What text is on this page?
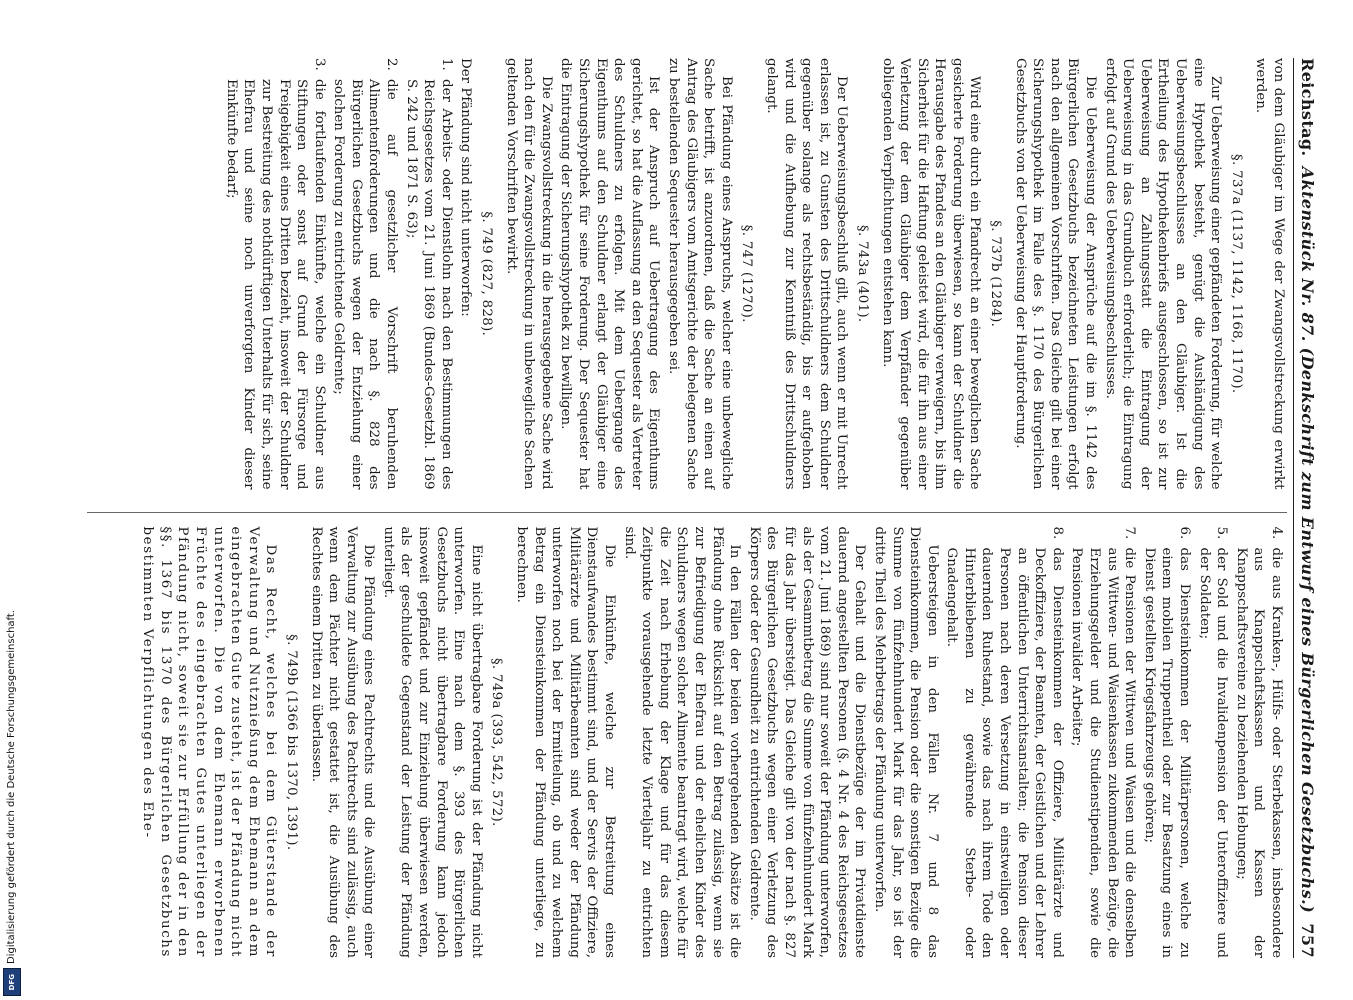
Digitalisierung gefördert durch die Deutsche Forschungsgemeinschaft.
DFG
Reichstag.
Aktenstück Nr. 87. (Denkschrift zum Entwurf eines Bürgerlichen Gesetzbuchs.)
757

von dem Gläubiger im Wege der Zwangsvollstreckung erwirkt werden.

§. 737a (1137, 1142, 1168, 1170).

Zur Ueberweisung einer gepfändeten Forderung, für welche eine Hypothek besteht, genügt die Aushändigung des Ueberweisungsbeschlusses an den Gläubiger. Ist die Ertheilung des Hypothekenbriefs ausgeschlossen, so ist zur Ueberweisung an Zahlungsstatt die Eintragung der Ueberweisung in das Grundbuch erforderlich; die Eintragung erfolgt auf Grund des Ueberweisungsbeschlusses.

Die Ueberweisung der Ansprüche auf die im §. 1142 des Bürgerlichen Gesetzbuchs bezeichneten Leistungen erfolgt nach den allgemeinen Vorschriften. Das Gleiche gilt bei einer Sicherungshypothek im Falle des §. 1170 des Bürgerlichen Gesetzbuchs von der Ueberweisung der Hauptforderung.

§. 737b (1284).

Wird eine durch ein Pfandrecht an einer beweglichen Sache gesicherte Forderung überwiesen, so kann der Schuldner die Herausgabe des Pfandes an den Gläubiger verweigern, bis ihm Sicherheit für die Haftung geleistet wird, die für ihn aus einer Verletzung der dem Gläubiger dem Verpfänder gegenüber obliegenden Verpflichtungen entstehen kann.

§. 743a (401).

Der Ueberweisungsbeschluß gilt, auch wenn er mit Unrecht erlassen ist, zu Gunsten des Drittschuldners dem Schuldner gegenüber solange als rechtsbeständig, bis er aufgehoben wird und die Aufhebung zur Kenntniß des Drittschuldners gelangt.

§. 747 (1270).

Bei Pfändung eines Anspruchs, welcher eine unbewegliche Sache betrifft, ist anzuordnen, daß die Sache an einen auf Antrag des Gläubigers vom Amtsgerichte der belegenen Sache zu bestellenden Sequester herausgegeben sei.

Ist der Anspruch auf Uebertragung des Eigenthums gerichtet, so hat die Auflassung an den Sequester als Vertreter des Schuldners zu erfolgen. Mit dem Uebergange des Eigenthums auf den Schuldner erlangt der Gläubiger eine Sicherungshypothek für seine Forderung. Der Sequester hat die Eintragung der Sicherungshypothek zu bewilligen.

Die Zwangsvollstreckung in die herausgegebene Sache wird nach den für die Zwangsvollstreckung in unbewegliche Sachen geltenden Vorschriften bewirkt.

§. 749 (827, 828).

Der Pfändung sind nicht unterworfen:

1.
der Arbeits- oder Dienstlohn nach den Bestimmungen des Reichsgesetzes vom 21. Juni 1869 (Bundes-Gesetzbl. 1869 S. 242 und 1871 S. 63);
2.
die auf gesetzlicher Vorschrift beruhenden Alimentenforderungen und die nach §. 828 des Bürgerlichen Gesetzbuchs wegen der Entziehung einer solchen Forderung zu entrichtende Geldrente;
3.
die fortlaufenden Einkünfte, welche ein Schuldner aus Stiftungen oder sonst auf Grund der Fürsorge und Freigebigkeit eines Dritten bezieht, insoweit der Schuldner zur Bestreitung des nothdürftigen Unterhalts für sich, seine Ehefrau und seine noch unverforgten Kinder dieser Einkünfte bedarf;
4.
die aus Kranken-, Hülfs- oder Sterbekassen, insbesondere aus Knappschaftskassen und Kassen der Knappschaftsvereine zu beziehenden Hebungen;
5.
der Sold und die Invalidenpension der Unteroffiziere und der Soldaten;
6.
das Diensteinkommen der Militärpersonen, welche zu einem mobilen Truppentheil oder zur Besatzung eines in Dienst gestellten Kriegsfahrzeugs gehören;
7.
die Pensionen der Wittwen und Waisen und die denselben aus Wittwen- und Waisenkassen zukommenden Bezüge, die Erziehungsgelder und die Studienstipendien, sowie die Pensionen invalider Arbeiter;
8.
das Diensteinkommen der Offiziere, Militärärzte und Deckoffiziere, der Beamten, der Geistlichen und der Lehrer an öffentlichen Unterrichtsanstalten; die Pension dieser Personen nach deren Versetzung in einstweiligen oder dauernden Ruhestand, sowie das nach ihrem Tode den Hinterbliebenen zu gewährende Sterbe- oder Gnadengehalt.

Uebersteigen in den Fällen Nr. 7 und 8 das Diensteinkommen, die Pension oder die sonstigen Bezüge die Summe von fünfzehnhundert Mark für das Jahr, so ist der dritte Theil des Mehrbetrags der Pfändung unterworfen.

Der Gehalt und die Dienstbezüge der im Privatdienste dauernd angestellten Personen (§. 4 Nr. 4 des Reichsgesetzes vom 21. Juni 1869) sind nur soweit der Pfändung unterworfen, als der Gesammtbetrag die Summe von fünfzehnhundert Mark für das Jahr übersteigt. Das Gleiche gilt von der nach §. 827 des Bürgerlichen Gesetzbuchs wegen einer Verletzung des Körpers oder der Gesundheit zu entrichtenden Geldrente.

In den Fällen der beiden vorhergehenden Absätze ist die Pfändung ohne Rücksicht auf den Betrag zulässig, wenn sie zur Befriedigung der Ehefrau und der ehelichen Kinder des Schuldners wegen solcher Alimente beantragt wird, welche für die Zeit nach Erhebung der Klage und für das diesem Zeitpunkte vorausgehende letzte Vierteljahr zu entrichten sind.

Die Einkünfte, welche zur Bestreitung eines Dienstaufwandes bestimmt sind, und der Servis der Offiziere, Militärärzte und Militärbeamten sind weder der Pfändung unterworfen noch bei der Ermittelung, ob und zu welchem Betrag ein Diensteinkommen der Pfändung unterliege, zu berechnen.

§. 749a (393, 542, 572).

Eine nicht übertragbare Forderung ist der Pfändung nicht unterworfen. Eine nach dem §. 393 des Bürgerlichen Gesetzbuchs nicht übertragbare Forderung kann jedoch insoweit gepfändet und zur Einziehung überwiesen werden, als der geschuldete Gegenstand der Leistung der Pfändung unterliegt.

Die Pfändung eines Pachtrechts und die Ausübung einer Verwaltung zur Ausübung des Pachtrechts sind zulässig, auch wenn dem Pächter nicht gestattet ist, die Ausübung des Rechtes einem Dritten zu überlassen.

§. 749b (1366 bis 1370, 1391).

Das Recht, welches bei dem Güterstande der Verwaltung und Nutznießung dem Ehemann an dem eingebrachten Gute zusteht, ist der Pfändung nicht unterworfen. Die von dem Ehemann erworbenen Früchte des eingebrachten Gutes unterliegen der Pfändung nicht, soweit sie zur Erfüllung der in den §§. 1367 bis 1370 des Bürgerlichen Gesetzbuchs bestimmten Verpflichtungen des Ehe-
